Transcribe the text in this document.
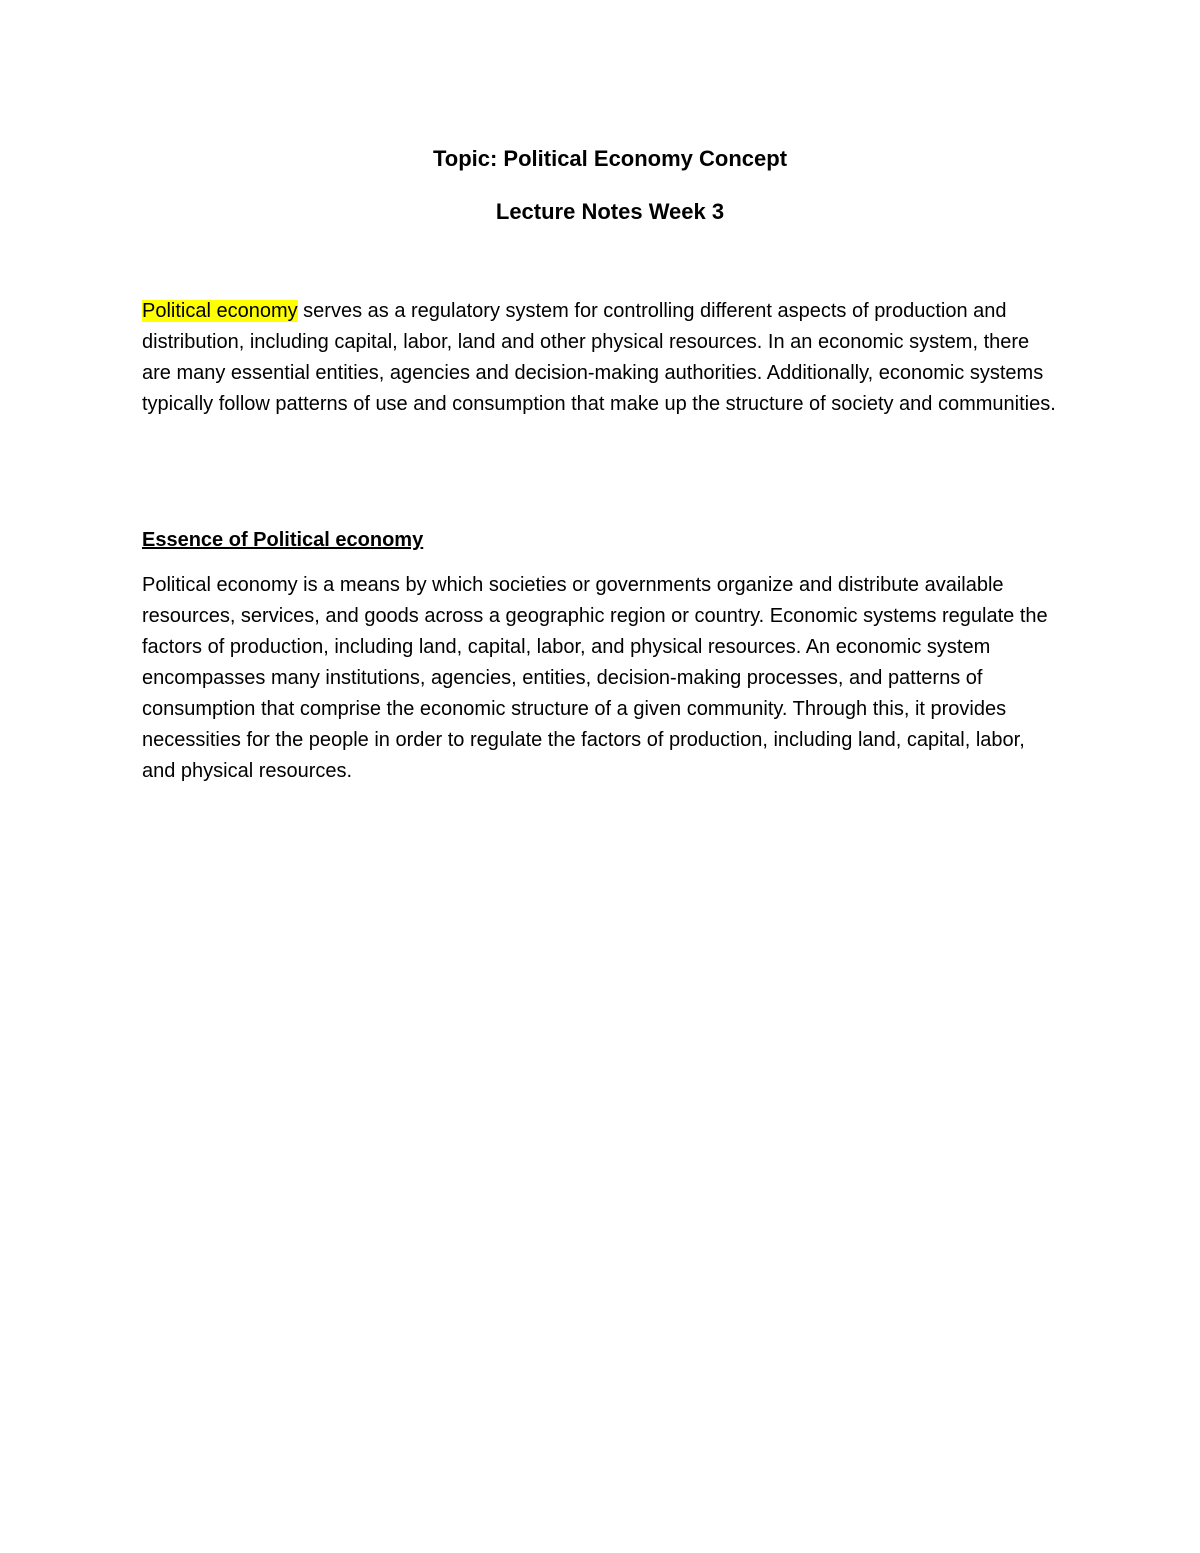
Topic: Political Economy Concept
Lecture Notes Week 3

Political economy serves as a regulatory system for controlling different aspects of production and distribution, including capital, labor, land and other physical resources. In an economic system, there are many essential entities, agencies and decision-making authorities. Additionally, economic systems typically follow patterns of use and consumption that make up the structure of society and communities.

Essence of Political economy

Political economy is a means by which societies or governments organize and distribute available resources, services, and goods across a geographic region or country. Economic systems regulate the factors of production, including land, capital, labor, and physical resources. An economic system encompasses many institutions, agencies, entities, decision-making processes, and patterns of consumption that comprise the economic structure of a given community. Through this, it provides necessities for the people in order to regulate the factors of production, including land, capital, labor, and physical resources.
